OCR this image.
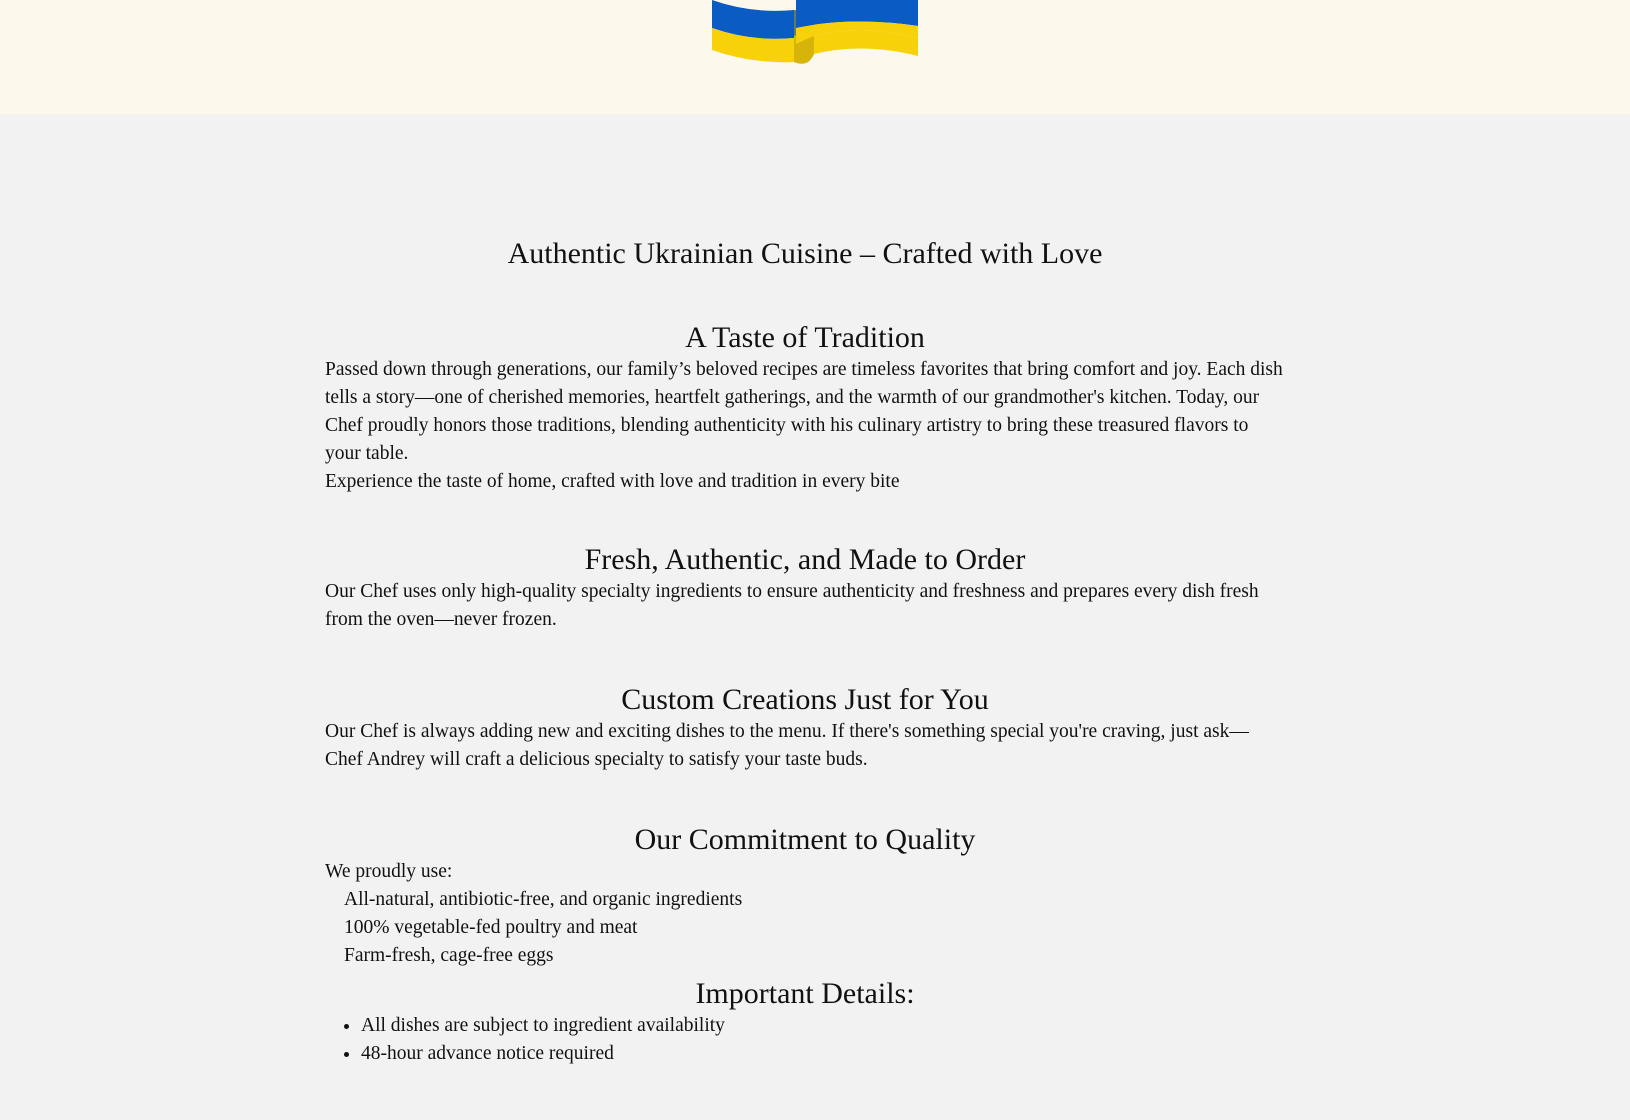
Authentic Ukrainian Cuisine – Crafted with Love
A Taste of Tradition

Passed down through generations, our family’s beloved recipes are timeless favorites that bring comfort and joy. Each dish tells a story—one of cherished memories, heartfelt gatherings, and the warmth of our grandmother's kitchen. Today, our Chef proudly honors those traditions, blending authenticity with his culinary artistry to bring these treasured flavors to your table.

Experience the taste of home, crafted with love and tradition in every bite

Fresh, Authentic, and Made to Order

Our Chef uses only high-quality specialty ingredients to ensure authenticity and freshness and prepares every dish fresh from the oven—never frozen.

Custom Creations Just for You

Our Chef is always adding new and exciting dishes to the menu. If there's something special you're craving, just ask—Chef Andrey will craft a delicious specialty to satisfy your taste buds.

Our Commitment to Quality
We proudly use:
All-natural, antibiotic-free, and organic ingredients
100% vegetable-fed poultry and meat
Farm-fresh, cage-free eggs
Important Details:
• All dishes are subject to ingredient availability
• 48-hour advance notice required
